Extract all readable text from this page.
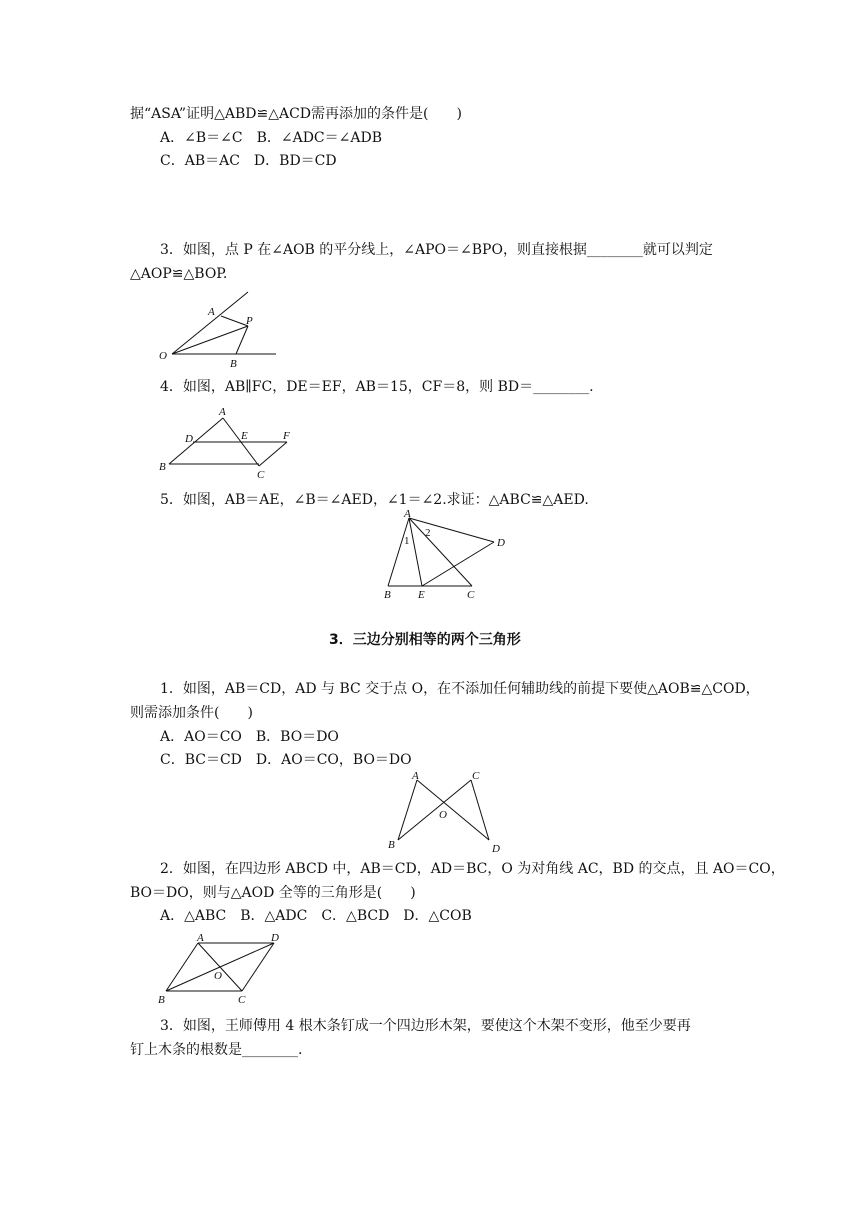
据“ASA”证明△ABD≌△ACD需再添加的条件是(　　)
A．∠B＝∠C　B．∠ADC＝∠ADB
C．AB＝AC　D．BD＝CD
3．如图，点 P 在∠AOB 的平分线上，∠APO＝∠BPO，则直接根据________就可以判定
△AOP≌△BOP.
A
P
O
B
4．如图，AB∥FC，DE＝EF，AB＝15，CF＝8，则 BD＝________.
A
D	E	F
B
C
5．如图，AB＝AE，∠B＝∠AED，∠1＝∠2.求证：△ABC≌△AED.
A
1
2
D
B E	C
3．三边分别相等的两个三角形
1．如图，AB＝CD，AD 与 BC 交于点 O，在不添加任何辅助线的前提下要使△AOB≌△COD，
则需添加条件(　　)
A．AO＝CO　B．BO＝DO
C．BC＝CD　D．AO＝CO，BO＝DO
A	C
O
B	D
2．如图，在四边形 ABCD 中，AB＝CD，AD＝BC，O 为对角线 AC，BD 的交点，且 AO＝CO，
BO＝DO，则与△AOD 全等的三角形是(　　)
A．△ABC　B．△ADC　C．△BCD　D．△COB
A	D
O
B	C
3．如图，王师傅用 4 根木条钉成一个四边形木架，要使这个木架不变形，他至少要再
钉上木条的根数是________.
